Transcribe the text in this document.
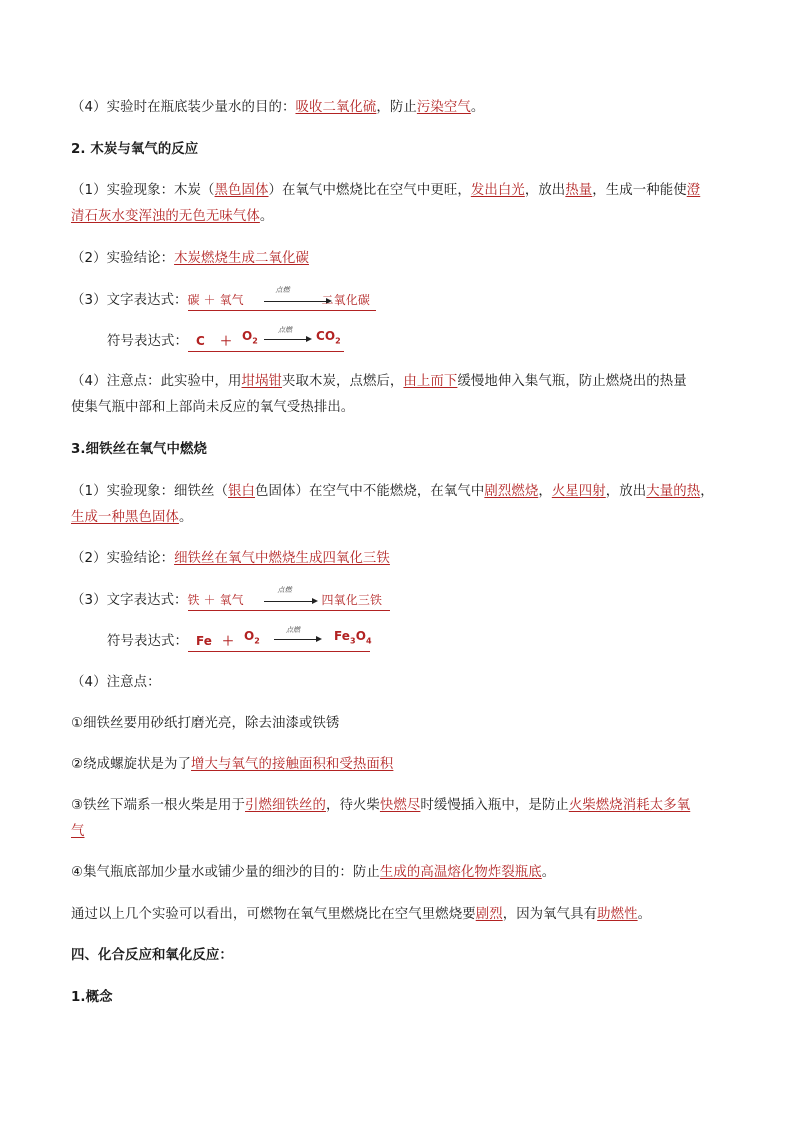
（4）实验时在瓶底装少量水的目的：吸收二氧化硫，防止污染空气。
2. 木炭与氧气的反应
（1）实验现象：木炭（黑色固体）在氧气中燃烧比在空气中更旺，发出白光，放出热量，生成一种能使澄
清石灰水变浑浊的无色无味气体。
（2）实验结论：木炭燃烧生成二氧化碳
（3）文字表达式： 碳 ＋ 氧气
点燃
二氧化碳
符号表达式： $C + O_2$
点燃 $CO_2$
（4）注意点：此实验中，用坩埚钳夹取木炭，点燃后，由上而下缓慢地伸入集气瓶，防止燃烧出的热量
使集气瓶中部和上部尚未反应的氧气受热排出。
3.细铁丝在氧气中燃烧
（1）实验现象：细铁丝（银白色固体）在空气中不能燃烧，在氧气中剧烈燃烧，火星四射，放出大量的热，
生成一种黑色固体。
（2）实验结论：细铁丝在氧气中燃烧生成四氧化三铁
（3）文字表达式： 铁 ＋ 氧气
点燃
四氧化三铁
符号表达式： $Fe + O_2$
点燃	$Fe_3O_4$
（4）注意点：
①细铁丝要用砂纸打磨光亮，除去油漆或铁锈
②绕成螺旋状是为了增大与氧气的接触面积和受热面积
③铁丝下端系一根火柴是用于引燃细铁丝的，待火柴快燃尽时缓慢插入瓶中，是防止火柴燃烧消耗太多氧
气
④集气瓶底部加少量水或铺少量的细沙的目的：防止生成的高温熔化物炸裂瓶底。
通过以上几个实验可以看出，可燃物在氧气里燃烧比在空气里燃烧要剧烈，因为氧气具有助燃性。
四、化合反应和氧化反应：
1.概念
